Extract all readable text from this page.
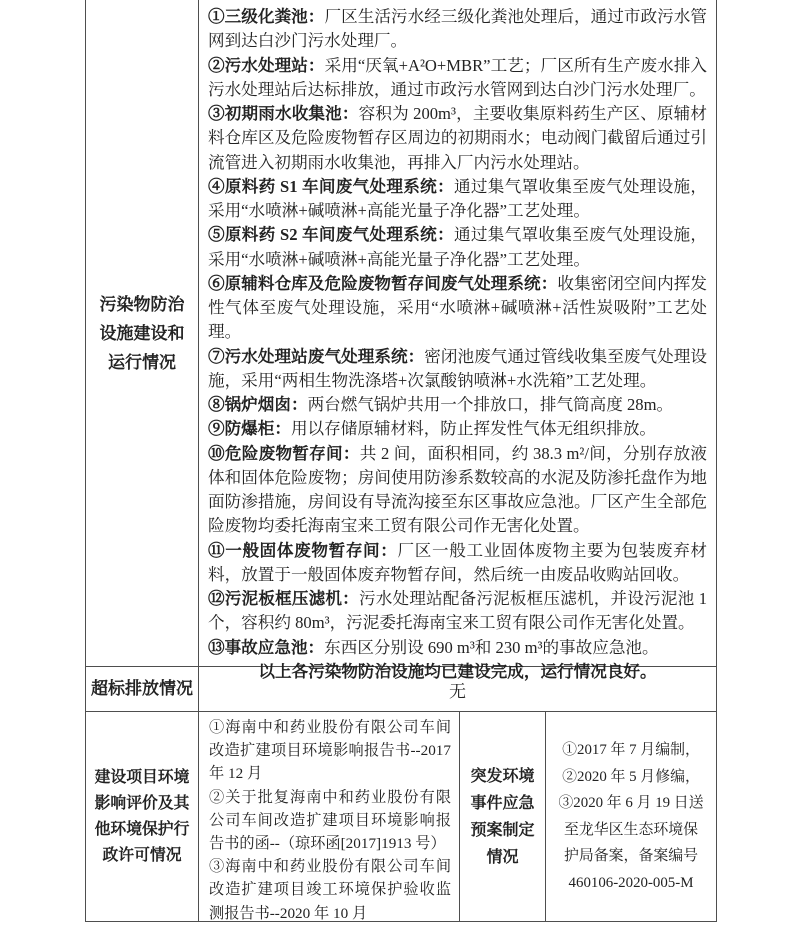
污染物防治设施建设和运行情况

①三级化粪池：厂区生活污水经三级化粪池处理后，通过市政污水管网到达白沙门污水处理厂。

②污水处理站：采用“厌氧+A²O+MBR”工艺；厂区所有生产废水排入污水处理站后达标排放，通过市政污水管网到达白沙门污水处理厂。

③初期雨水收集池：容积为 200m³，主要收集原料药生产区、原辅材料仓库区及危险废物暂存区周边的初期雨水；电动阀门截留后通过引流管进入初期雨水收集池，再排入厂内污水处理站。

④原料药 S1 车间废气处理系统：通过集气罩收集至废气处理设施，采用“水喷淋+碱喷淋+高能光量子净化器”工艺处理。

⑤原料药 S2 车间废气处理系统：通过集气罩收集至废气处理设施，采用“水喷淋+碱喷淋+高能光量子净化器”工艺处理。

⑥原辅料仓库及危险废物暂存间废气处理系统：收集密闭空间内挥发性气体至废气处理设施，采用“水喷淋+碱喷淋+活性炭吸附”工艺处理。

⑦污水处理站废气处理系统：密闭池废气通过管线收集至废气处理设施，采用“两相生物洗涤塔+次氯酸钠喷淋+水洗箱”工艺处理。

⑧锅炉烟囱：两台燃气锅炉共用一个排放口，排气筒高度 28m。

⑨防爆柜：用以存储原辅材料，防止挥发性气体无组织排放。

⑩危险废物暂存间：共 2 间，面积相同，约 38.3 m²/间，分别存放液体和固体危险废物；房间使用防渗系数较高的水泥及防渗托盘作为地面防渗措施，房间设有导流沟接至东区事故应急池。厂区产生全部危险废物均委托海南宝来工贸有限公司作无害化处置。

⑪一般固体废物暂存间：厂区一般工业固体废物主要为包装废弃材料，放置于一般固体废弃物暂存间，然后统一由废品收购站回收。

⑫污泥板框压滤机：污水处理站配备污泥板框压滤机，并设污泥池 1 个，容积约 80m³，污泥委托海南宝来工贸有限公司作无害化处置。

⑬事故应急池：东西区分别设 690 m³和 230 m³的事故应急池。

以上各污染物防治设施均已建设完成，运行情况良好。

超标排放情况	无
建设项目环境影响评价及其他环境保护行政许可情况

①海南中和药业股份有限公司车间改造扩建项目环境影响报告书--2017 年 12 月

②关于批复海南中和药业股份有限公司车间改造扩建项目环境影响报告书的函--（琼环函[2017]1913 号）

③海南中和药业股份有限公司车间改造扩建项目竣工环境保护验收监测报告书--2020 年 10 月

突发环境事件应急预案制定情况

①2017 年 7 月编制，

②2020 年 5 月修编，

③2020 年 6 月 19 日送至龙华区生态环境保护局备案，备案编号 460106-2020-005-M
